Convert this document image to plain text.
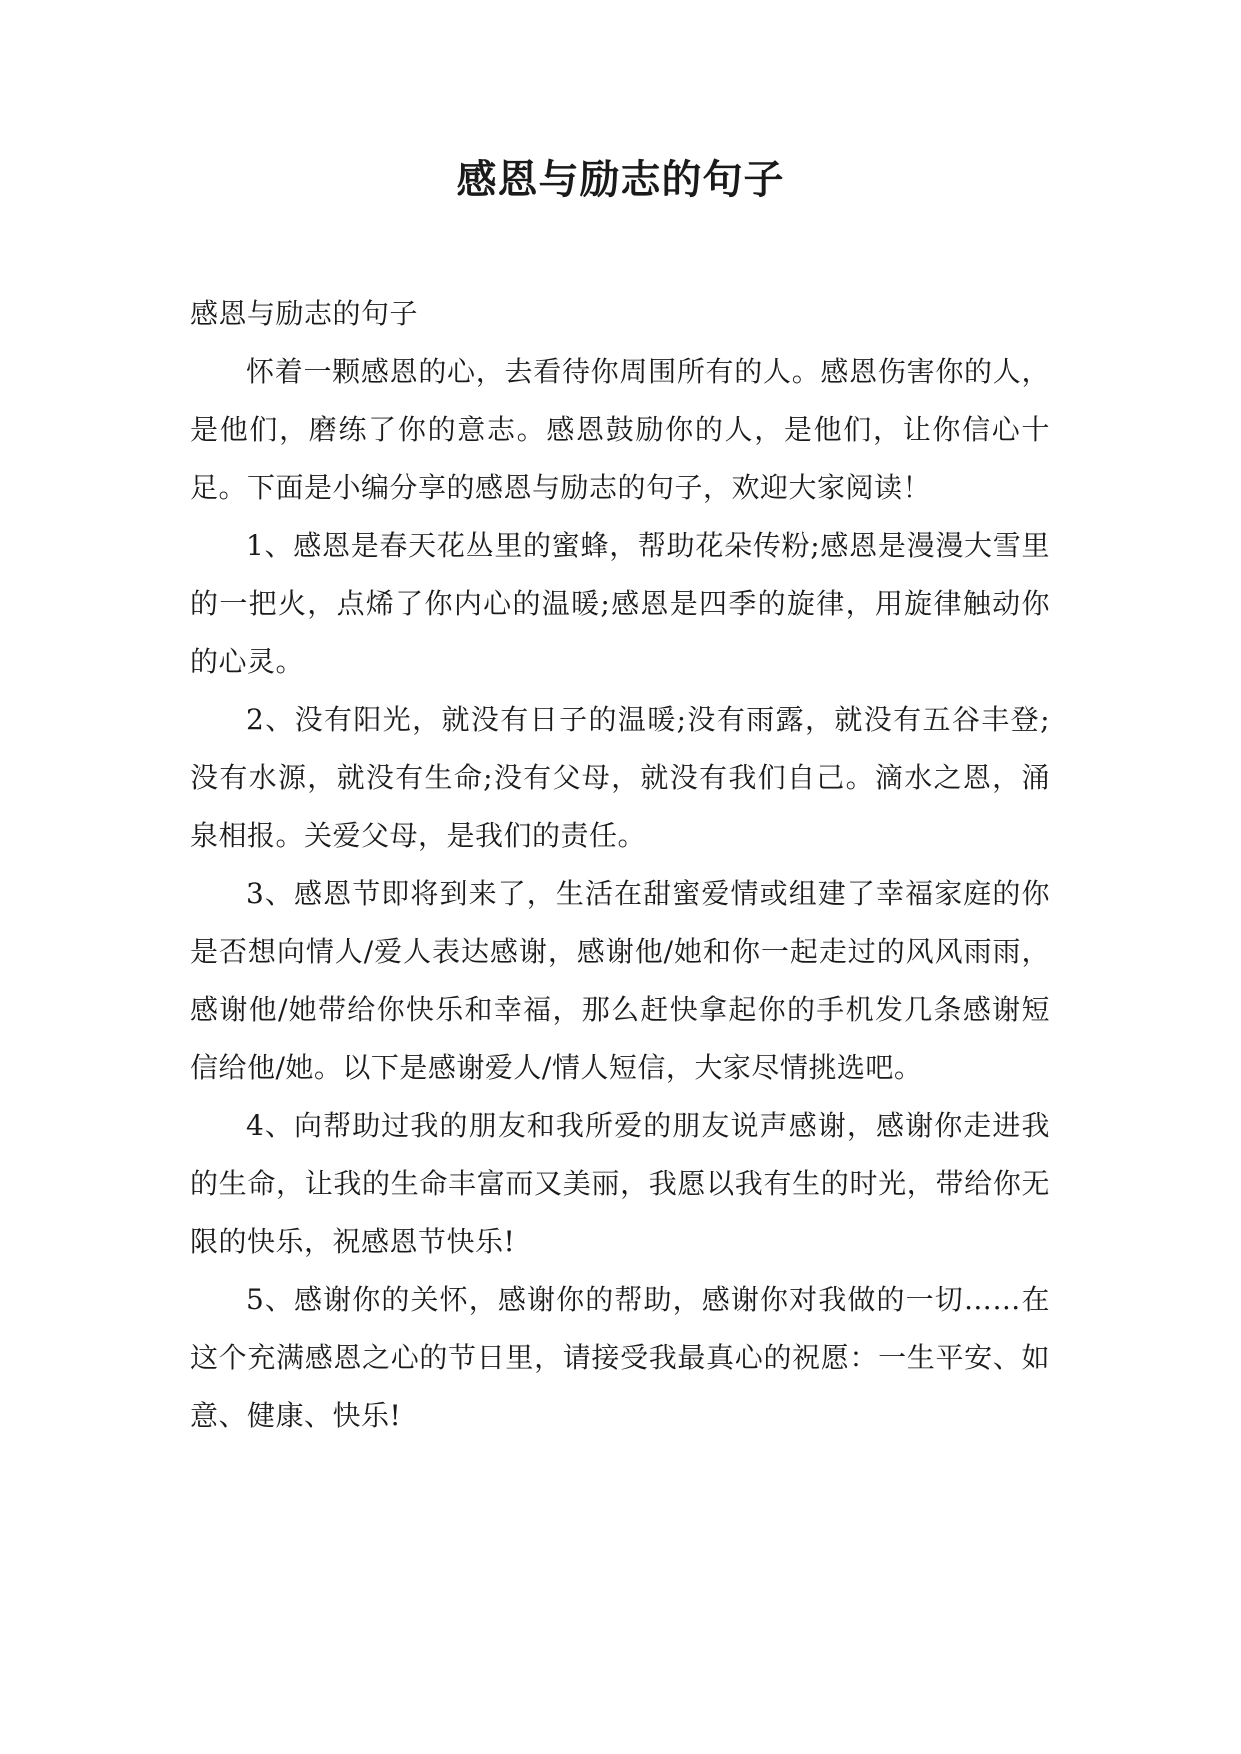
感恩与励志的句子

感恩与励志的句子

怀着一颗感恩的心，去看待你周围所有的人。感恩伤害你的人，是他们，磨练了你的意志。感恩鼓励你的人，是他们，让你信心十足。下面是小编分享的感恩与励志的句子，欢迎大家阅读！

1、感恩是春天花丛里的蜜蜂，帮助花朵传粉;感恩是漫漫大雪里的一把火，点烯了你内心的温暖;感恩是四季的旋律，用旋律触动你的心灵。

2、没有阳光，就没有日子的温暖;没有雨露，就没有五谷丰登;没有水源，就没有生命;没有父母，就没有我们自己。滴水之恩，涌泉相报。关爱父母，是我们的责任。

3、感恩节即将到来了，生活在甜蜜爱情或组建了幸福家庭的你是否想向情人/爱人表达感谢，感谢他/她和你一起走过的风风雨雨，感谢他/她带给你快乐和幸福，那么赶快拿起你的手机发几条感谢短信给他/她。以下是感谢爱人/情人短信，大家尽情挑选吧。

4、向帮助过我的朋友和我所爱的朋友说声感谢，感谢你走进我的生命，让我的生命丰富而又美丽，我愿以我有生的时光，带给你无限的快乐，祝感恩节快乐!

5、感谢你的关怀，感谢你的帮助，感谢你对我做的一切……在这个充满感恩之心的节日里，请接受我最真心的祝愿：一生平安、如意、健康、快乐!
